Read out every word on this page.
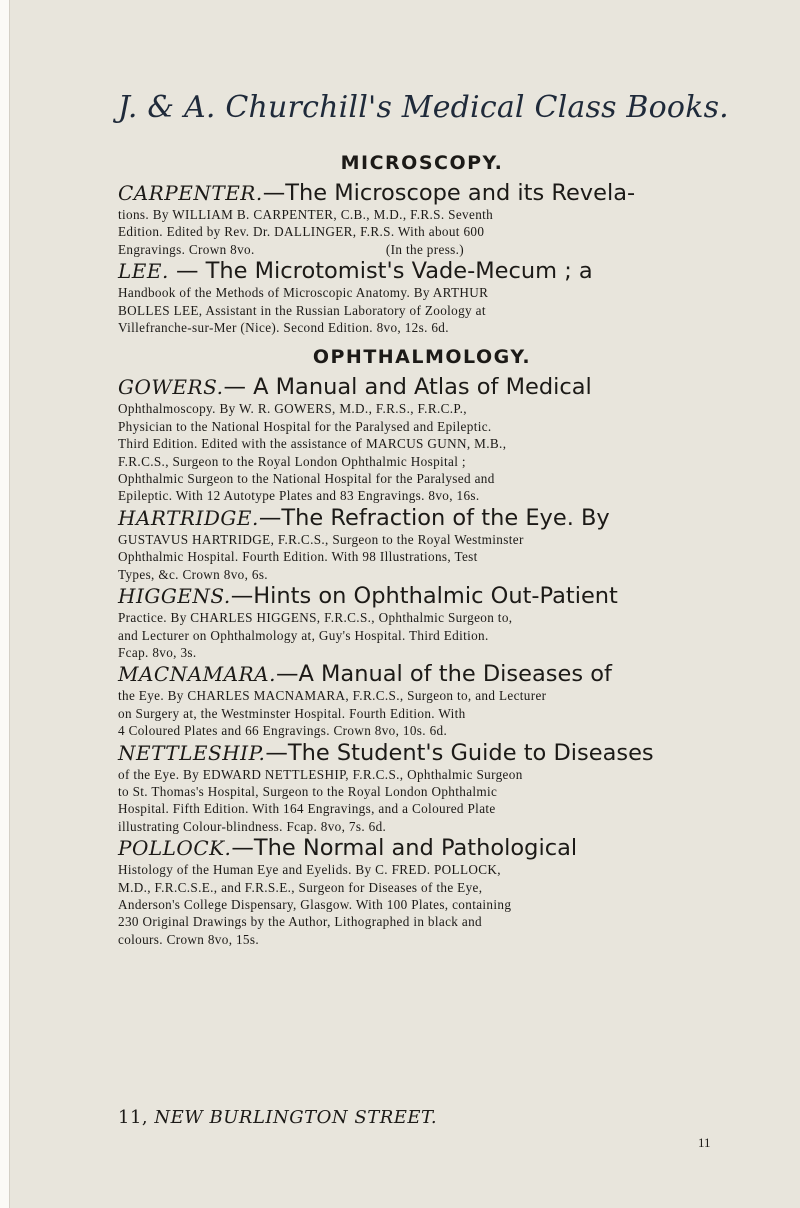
J. & A. Churchill's Medical Class Books.
MICROSCOPY.
CARPENTER.—The Microscope and its Revela-
tions. By WILLIAM B. CARPENTER, C.B., M.D., F.R.S. Seventh
Edition. Edited by Rev. Dr. DALLINGER, F.R.S. With about 600
Engravings. Crown 8vo.                                    (In the press.)
LEE. — The Microtomist's Vade-Mecum ; a
Handbook of the Methods of Microscopic Anatomy. By ARTHUR
BOLLES LEE, Assistant in the Russian Laboratory of Zoology at
Villefranche-sur-Mer (Nice). Second Edition. 8vo, 12s. 6d.
OPHTHALMOLOGY.
GOWERS.— A Manual and Atlas of Medical
Ophthalmoscopy. By W. R. GOWERS, M.D., F.R.S., F.R.C.P.,
Physician to the National Hospital for the Paralysed and Epileptic.
Third Edition. Edited with the assistance of MARCUS GUNN, M.B.,
F.R.C.S., Surgeon to the Royal London Ophthalmic Hospital ;
Ophthalmic Surgeon to the National Hospital for the Paralysed and
Epileptic. With 12 Autotype Plates and 83 Engravings. 8vo, 16s.
HARTRIDGE.—The Refraction of the Eye. By
GUSTAVUS HARTRIDGE, F.R.C.S., Surgeon to the Royal Westminster
Ophthalmic Hospital. Fourth Edition. With 98 Illustrations, Test
Types, &c. Crown 8vo, 6s.
HIGGENS.—Hints on Ophthalmic Out-Patient
Practice. By CHARLES HIGGENS, F.R.C.S., Ophthalmic Surgeon to,
and Lecturer on Ophthalmology at, Guy's Hospital. Third Edition.
Fcap. 8vo, 3s.
MACNAMARA.—A Manual of the Diseases of
the Eye. By CHARLES MACNAMARA, F.R.C.S., Surgeon to, and Lecturer
on Surgery at, the Westminster Hospital. Fourth Edition. With
4 Coloured Plates and 66 Engravings. Crown 8vo, 10s. 6d.
NETTLESHIP.—The Student's Guide to Diseases
of the Eye. By EDWARD NETTLESHIP, F.R.C.S., Ophthalmic Surgeon
to St. Thomas's Hospital, Surgeon to the Royal London Ophthalmic
Hospital. Fifth Edition. With 164 Engravings, and a Coloured Plate
illustrating Colour-blindness. Fcap. 8vo, 7s. 6d.
POLLOCK.—The Normal and Pathological
Histology of the Human Eye and Eyelids. By C. FRED. POLLOCK,
M.D., F.R.C.S.E., and F.R.S.E., Surgeon for Diseases of the Eye,
Anderson's College Dispensary, Glasgow. With 100 Plates, containing
230 Original Drawings by the Author, Lithographed in black and
colours. Crown 8vo, 15s.
11, NEW BURLINGTON STREET.
11
